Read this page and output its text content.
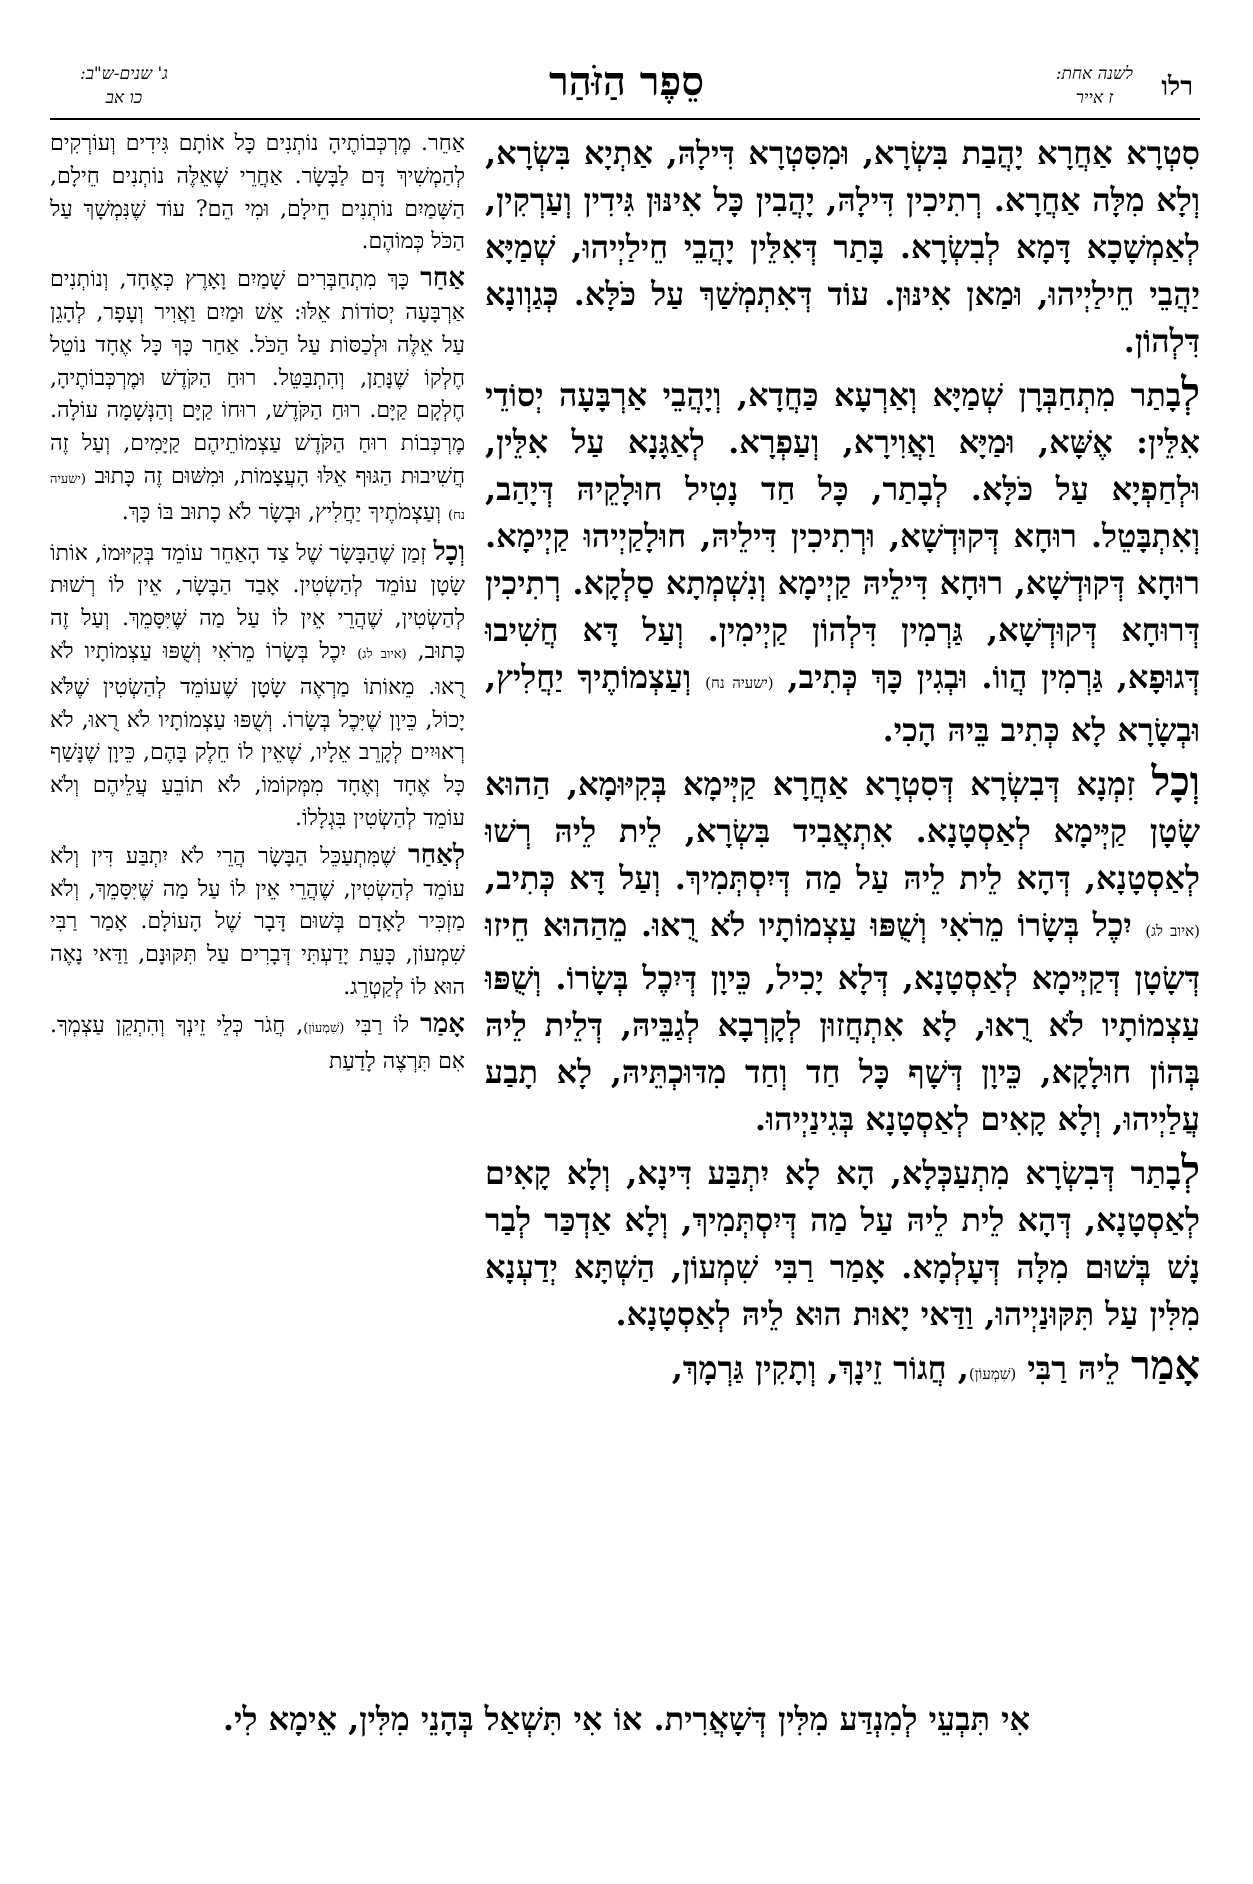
סֵפֶר הַזֹּהַר	רלו
לשנה אחת:
ז אייר
ג' שנים-ש"ב:
כו אב

סִטְרָא אַחֲרָא יָהֲבַת בִּשְׂרָא, וּמִסִּטְרָא דִּילָהּ, אַתְיָא בִּשְׂרָא, וְלָא מִלָּה אַחֲרָא. רְתִיכִין דִּילָהּ, יָהֲבִין כָּל אִינּוּן גִּידִין וְעַרְקִין, לְאַמְשָׁכָא דָּמָא לְבִשְׂרָא. בָּתַר דְּאִלֵּין יָהֲבֵי חֵילַיְיהוּ, שְׁמַיָּא יַהֲבֵי חֵילַיְיהוּ, וּמַאן אִינּוּן. עוֹד דְּאִתְמְשַׁךְ עַל כֹּלָּא. כְּגַוְונָא דִּלְהוֹן.

לְבָתַר מִתְחַבְּרָן שְׁמַיָּא וְאַרְעָא כַּחֲדָא, וְיָהֲבֵי אַרְבָּעָה יְסוֹדֵי אִלֵּין: אֶשָּׁא, וּמַיָּא וַאֲוִירָא, וְעַפְרָא. לְאַגָּנָא עַל אִלֵּין, וּלְחַפְיָא עַל כֹּלָּא. לְבָתַר, כָּל חַד נָטִיל חוּלָקֵיהּ דְּיָהַב, וְאִתְבָּטֵל. רוּחָא דְּקוּדְשָׁא, וּרְתִיכִין דִּילֵיהּ, חוּלָקַיְיהוּ קַיְימָא. רוּחָא דְּקוּדְשָׁא, רוּחָא דִּילֵיהּ קַיְימָא וְנִשְׁמְתָא סַלְקָא. רְתִיכִין דְּרוּחָא דְּקוּדְשָׁא, גַּרְמִין דִּלְהוֹן קַיְימִין. וְעַל דָּא חֲשִׁיבוּ דְּגוּפָא, גַּרְמִין הֲווֹ. וּבְגִין כָּךְ כְּתִיב, (ישעיה נח) וְעַצְמוֹתֶיךָ יַחֲלִיץ, וּבְשָׂרָא לָא כְּתִיב בֵּיהּ הָכִי.

וְכָל זִמְנָא דְּבִשְׂרָא דְּסִטְרָא אַחֲרָא קַיְּימָא בְּקִיּוּמָא, הַהוּא שָׂטָן קַיְּימָא לְאַסְטָנָא. אִתְאֲבִיד בִּשְׂרָא, לֵית לֵיהּ רְשׁוּ לְאַסְטָנָא, דְּהָא לֵית לֵיהּ עַל מַה דְּיִסְתְּמִיךְ. וְעַל דָּא כְּתִיב, (איוב לג) יִכֶל בְּשָׂרוֹ מֵרֹאִי וְשֻׁפּוּ עַצְמוֹתָיו לֹא רֻאוּ. מֵהַהוּא חֵיזוּ דְּשָׂטָן דְּקַיְּימָא לְאַסְטָנָא, דְּלָא יָכִיל, כֵּיוָן דְּיִכֶל בְּשָׂרוֹ. וְשֻׁפּוּ עַצְמוֹתָיו לֹא רֻאוּ, לָא אִתְחֲזוּן לְקָרְבָא לְגַבֵּיהּ, דְּלֵית לֵיהּ בְּהוֹן חוּלָקָא, כֵּיוָן דְּשָׁף כָּל חַד וְחַד מִדּוּכְתֵּיהּ, לָא תָבַע עֲלַיְיהוּ, וְלָא קָאִים לְאַסְטָנָא בְּגִינַיְיהוּ.

לְבָתַר דְּבִשְׂרָא מִתְעַכְּלָא, הָא לָא יִתְבַּע דִּינָא, וְלָא קָאִים לְאַסְטָנָא, דְּהָא לֵית לֵיהּ עַל מַה דְּיִסְתְּמִיךְ, וְלָא אַדְכַּר לְבַר נָשׁ בְּשׁוּם מִלָּה דְּעָלְמָא. אָמַר רַבִּי שִׁמְעוֹן, הַשְׁתָּא יְדַעְנָא מִלִּין עַל תִּקּוּנַיְיהוּ, וַדַּאי יָאוּת הוּא לֵיהּ לְאַסְטָנָא.

אָמַר לֵיהּ רַבִּי (שִׁמְעוֹן), חֲגוֹר זֵינָךְ, וְתָקִין גַּרְמָךְ,

אַחֵר. מֶרְכְּבוֹתֶיהָ נוֹתְנִים כָּל אוֹתָם גִּידִים וְעוֹרְקִים לְהַמְשִׁיךְ דָּם לַבָּשָׂר. אַחֲרֵי שֶׁאֵלֶּה נוֹתְנִים חֵילָם, הַשָּׁמַיִם נוֹתְנִים חֵילָם, וּמִי הֵם? עוֹד שֶׁנִּמְשָׁךְ עַל הַכֹּל כְּמוֹהֶם.

אַחַר כָּךְ מִתְחַבְּרִים שָׁמַיִם וָאָרֶץ כְּאֶחָד, וְנוֹתְנִים אַרְבָּעָה יְסוֹדוֹת אֵלּוּ: אֵשׁ וּמַיִם וַאֲוִיר וְעָפָר, לְהָגֵן עַל אֵלֶּה וּלְכַסּוֹת עַל הַכֹּל. אַחַר כָּךְ כָּל אֶחָד נוֹטֵל חֶלְקוֹ שֶׁנָּתַן, וְהִתְבַּטֵּל. רוּחַ הַקֹּדֶשׁ וּמֶרְכְּבוֹתֶיהָ, חֶלְקָם קַיָּם. רוּחַ הַקֹּדֶשׁ, רוּחוֹ קַיָּם וְהַנְּשָׁמָה עוֹלָה. מֶרְכְּבוֹת רוּחַ הַקֹּדֶשׁ עַצְמוֹתֵיהֶם קַיָּמִים, וְעַל זֶה חֲשִׁיבוּת הַגּוּף אֵלּוּ הָעֲצָמוֹת, וּמִשּׁוּם זֶה כָּתוּב (ישעיה נח) וְעַצְמֹתֶיךָ יַחֲלִיץ, וּבָשָׂר לֹא כָתוּב בּוֹ כָּךְ.

וְכָל זְמַן שֶׁהַבָּשָׂר שֶׁל צַד הָאַחֵר עוֹמֵד בְּקִיּוּמוֹ, אוֹתוֹ שָׂטָן עוֹמֵד לְהַשְׂטִין. אָבַד הַבָּשָׂר, אֵין לוֹ רְשׁוּת לְהַשְׂטִין, שֶׁהֲרֵי אֵין לוֹ עַל מַה שֶּׁיִּסָּמֵךְ. וְעַל זֶה כָּתוּב, (איוב לג) יִכֶל בְּשָׂרוֹ מֵרֹאִי וְשֻׁפּוּ עַצְמוֹתָיו לֹא רֻאוּ. מֵאוֹתוֹ מַרְאֶה שָׂטָן שֶׁעוֹמֵד לְהַשְׂטִין שֶׁלֹּא יָכוֹל, כֵּיוָן שֶׁיִּכֶל בְּשָׂרוֹ. וְשֻׁפּוּ עַצְמוֹתָיו לֹא רֻאוּ, לֹא רְאוּיִים לְקָרֵב אֵלָיו, שֶׁאֵין לוֹ חֵלֶק בָּהֶם, כֵּיוָן שֶׁנָּשַׁף כָּל אֶחָד וְאֶחָד מִמְּקוֹמוֹ, לֹא תוֹבֵעַ עֲלֵיהֶם וְלֹא עוֹמֵד לְהַשְׂטִין בִּגְלָלוֹ.

לְאַחַר שֶׁמִּתְעַכֵּל הַבָּשָׂר הֲרֵי לֹא יִתְבַּע דִּין וְלֹא עוֹמֵד לְהַשְׂטִין, שֶׁהֲרֵי אֵין לוֹ עַל מַה שֶּׁיִּסָּמֵךְ, וְלֹא מַזְכִּיר לָאָדָם בְּשׁוּם דָּבָר שֶׁל הָעוֹלָם. אָמַר רַבִּי שִׁמְעוֹן, כָּעֵת יָדַעְתִּי דְּבָרִים עַל תִּקּוּנָם, וַדַּאי נָאֶה הוּא לוֹ לְקַטְרֵג.

אָמַר לוֹ רַבִּי (שִׁמְעוֹן), חֲגֹר כְּלֵי זֵינְךָ וְהִתְקֵן עַצְמְךָ. אִם תִּרְצֶה לָדַעַת

אִי תִּבְעֵי לְמִנְדַּע מִלִּין דְּשָׁאֲרִית. אוֹ אִי תִּשְׁאַל בְּהָנֵי מִלִּין, אֵימָא לִי.
